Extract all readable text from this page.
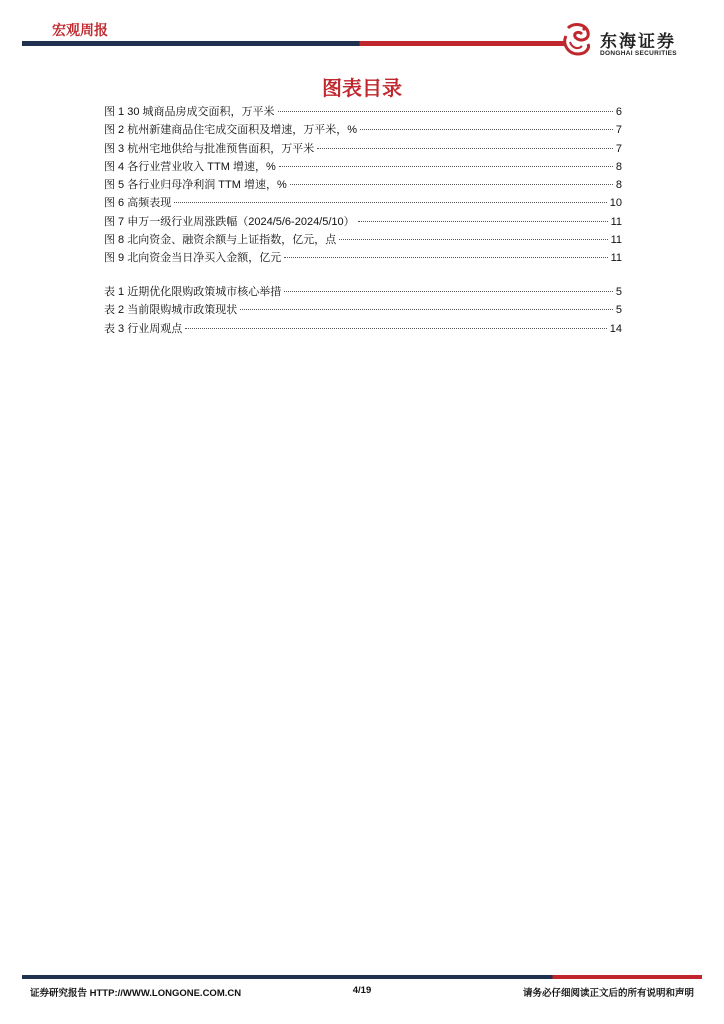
宏观周报
东海证券
DONGHAI SECURITIES
图表目录
图 1 30 城商品房成交面积，万平米	6
图 2 杭州新建商品住宅成交面积及增速，万平米，%	7
图 3 杭州宅地供给与批准预售面积，万平米	7
图 4 各行业营业收入 TTM 增速，%	8
图 5 各行业归母净利润 TTM 增速，%	8
图 6 高频表现	10
图 7 申万一级行业周涨跌幅（2024/5/6-2024/5/10）	11
图 8 北向资金、融资余额与上证指数，亿元，点	11
图 9 北向资金当日净买入金额，亿元	11
表 1 近期优化限购政策城市核心举措	5
表 2 当前限购城市政策现状	5
表 3 行业周观点	14
证券研究报告 HTTP://WWW.LONGONE.COM.CN	4/19	请务必仔细阅读正文后的所有说明和声明
